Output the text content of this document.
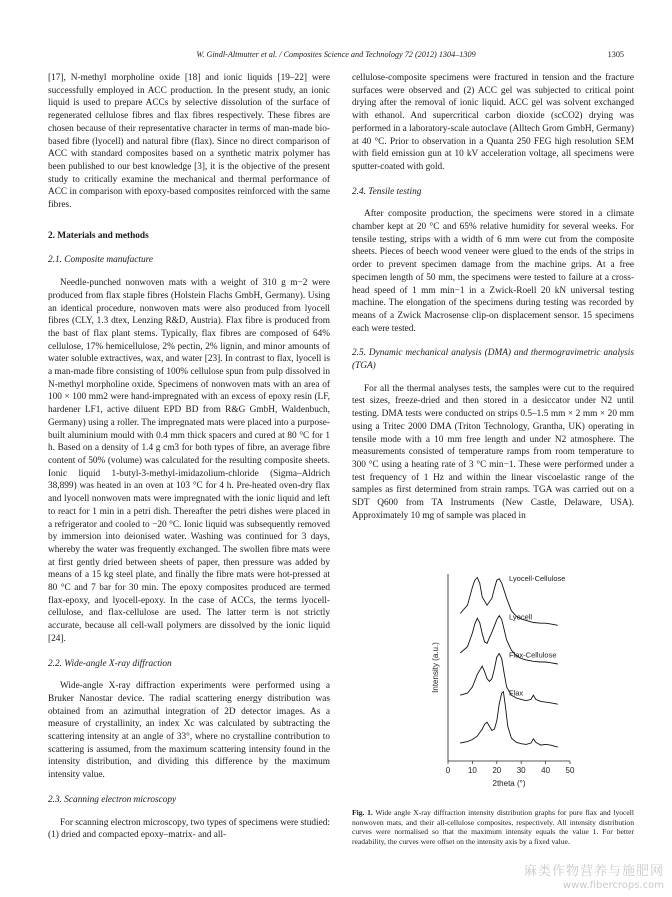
W. Gindl-Altmutter et al. / Composites Science and Technology 72 (2012) 1304–1309	1305

[17], N-methyl morpholine oxide [18] and ionic liquids [19–22] were successfully employed in ACC production. In the present study, an ionic liquid is used to prepare ACCs by selective dissolution of the surface of regenerated cellulose fibres and flax fibres respectively. These fibres are chosen because of their representative character in terms of man-made bio-based fibre (lyocell) and natural fibre (flax). Since no direct comparison of ACC with standard composites based on a synthetic matrix polymer has been published to our best knowledge [3], it is the objective of the present study to critically examine the mechanical and thermal performance of ACC in comparison with epoxy-based composites reinforced with the same fibres.

2. Materials and methods
2.1. Composite manufacture

Needle-punched nonwoven mats with a weight of 310 g m−2 were produced from flax staple fibres (Holstein Flachs GmbH, Germany). Using an identical procedure, nonwoven mats were also produced from lyocell fibres (CLY, 1.3 dtex, Lenzing R&D, Austria). Flax fibre is produced from the bast of flax plant stems. Typically, flax fibres are composed of 64% cellulose, 17% hemicellulose, 2% pectin, 2% lignin, and minor amounts of water soluble extractives, wax, and water [23]. In contrast to flax, lyocell is a man-made fibre consisting of 100% cellulose spun from pulp dissolved in N-methyl morpholine oxide. Specimens of nonwoven mats with an area of 100 × 100 mm2 were hand-impregnated with an excess of epoxy resin (LF, hardener LF1, active diluent EPD BD from R&G GmbH, Waldenbuch, Germany) using a roller. The impregnated mats were placed into a purpose-built aluminium mould with 0.4 mm thick spacers and cured at 80 °C for 1 h. Based on a density of 1.4 g cm3 for both types of fibre, an average fibre content of 50% (volume) was calculated for the resulting composite sheets. Ionic liquid 1-butyl-3-methyl-imidazolium-chloride (Sigma–Aldrich 38,899) was heated in an oven at 103 °C for 4 h. Pre-heated oven-dry flax and lyocell nonwoven mats were impregnated with the ionic liquid and left to react for 1 min in a petri dish. Thereafter the petri dishes were placed in a refrigerator and cooled to −20 °C. Ionic liquid was subsequently removed by immersion into deionised water. Washing was continued for 3 days, whereby the water was frequently exchanged. The swollen fibre mats were at first gently dried between sheets of paper, then pressure was added by means of a 15 kg steel plate, and finally the fibre mats were hot-pressed at 80 °C and 7 bar for 30 min. The epoxy composites produced are termed flax-epoxy, and lyocell-epoxy. In the case of ACCs, the terms lyocell-cellulose, and flax-cellulose are used. The latter term is not strictly accurate, because all cell-wall polymers are dissolved by the ionic liquid [24].

2.2. Wide-angle X-ray diffraction

Wide-angle X-ray diffraction experiments were performed using a Bruker Nanostar device. The radial scattering energy distribution was obtained from an azimuthal integration of 2D detector images. As a measure of crystallinity, an index Xc was calculated by subtracting the scattering intensity at an angle of 33°, where no crystalline contribution to scattering is assumed, from the maximum scattering intensity found in the intensity distribution, and dividing this difference by the maximum intensity value.

2.3. Scanning electron microscopy

For scanning electron microscopy, two types of specimens were studied: (1) dried and compacted epoxy–matrix- and all-

cellulose-composite specimens were fractured in tension and the fracture surfaces were observed and (2) ACC gel was subjected to critical point drying after the removal of ionic liquid. ACC gel was solvent exchanged with ethanol. And supercritical carbon dioxide (scCO2) drying was performed in a laboratory-scale autoclave (Alltech Grom GmbH, Germany) at 40 °C. Prior to observation in a Quanta 250 FEG high resolution SEM with field emission gun at 10 kV acceleration voltage, all specimens were sputter-coated with gold.

2.4. Tensile testing

After composite production, the specimens were stored in a climate chamber kept at 20 °C and 65% relative humidity for several weeks. For tensile testing, strips with a width of 6 mm were cut from the composite sheets. Pieces of beech wood veneer were glued to the ends of the strips in order to prevent specimen damage from the machine grips. At a free specimen length of 50 mm, the specimens were tested to failure at a cross-head speed of 1 mm min−1 in a Zwick-Roell 20 kN universal testing machine. The elongation of the specimens during testing was recorded by means of a Zwick Macrosense clip-on displacement sensor. 15 specimens each were tested.

2.5. Dynamic mechanical analysis (DMA) and thermogravimetric analysis (TGA)

For all the thermal analyses tests, the samples were cut to the required test sizes, freeze-dried and then stored in a desiccator under N2 until testing. DMA tests were conducted on strips 0.5–1.5 mm × 2 mm × 20 mm using a Tritec 2000 DMA (Triton Technology, Grantha, UK) operating in tensile mode with a 10 mm free length and under N2 atmosphere. The measurements consisted of temperature ramps from room temperature to 300 °C using a heating rate of 3 °C min−1. These were performed under a test frequency of 1 Hz and within the linear viscoelastic range of the samples as first determined from strain ramps. TGA was carried out on a SDT Q600 from TA Instruments (New Castle, Delaware, USA). Approximately 10 mg of sample was placed in

0 10 20 30 40 50
2theta (°)
Intensity (a.u.)
Flax
Flax-Cellulose
Lyocell
Lyocell-Cellulose
Fig. 1. Wide angle X-ray diffraction intensity distribution graphs for pure flax and lyocell nonwoven mats, and their all-cellulose composites, respectively. All intensity distribution curves were normalised so that the maximum intensity equals the value 1. For better readability, the curves were offset on the intensity axis by a fixed value.
麻类作物营养与施肥网
www.fibercrops.com
